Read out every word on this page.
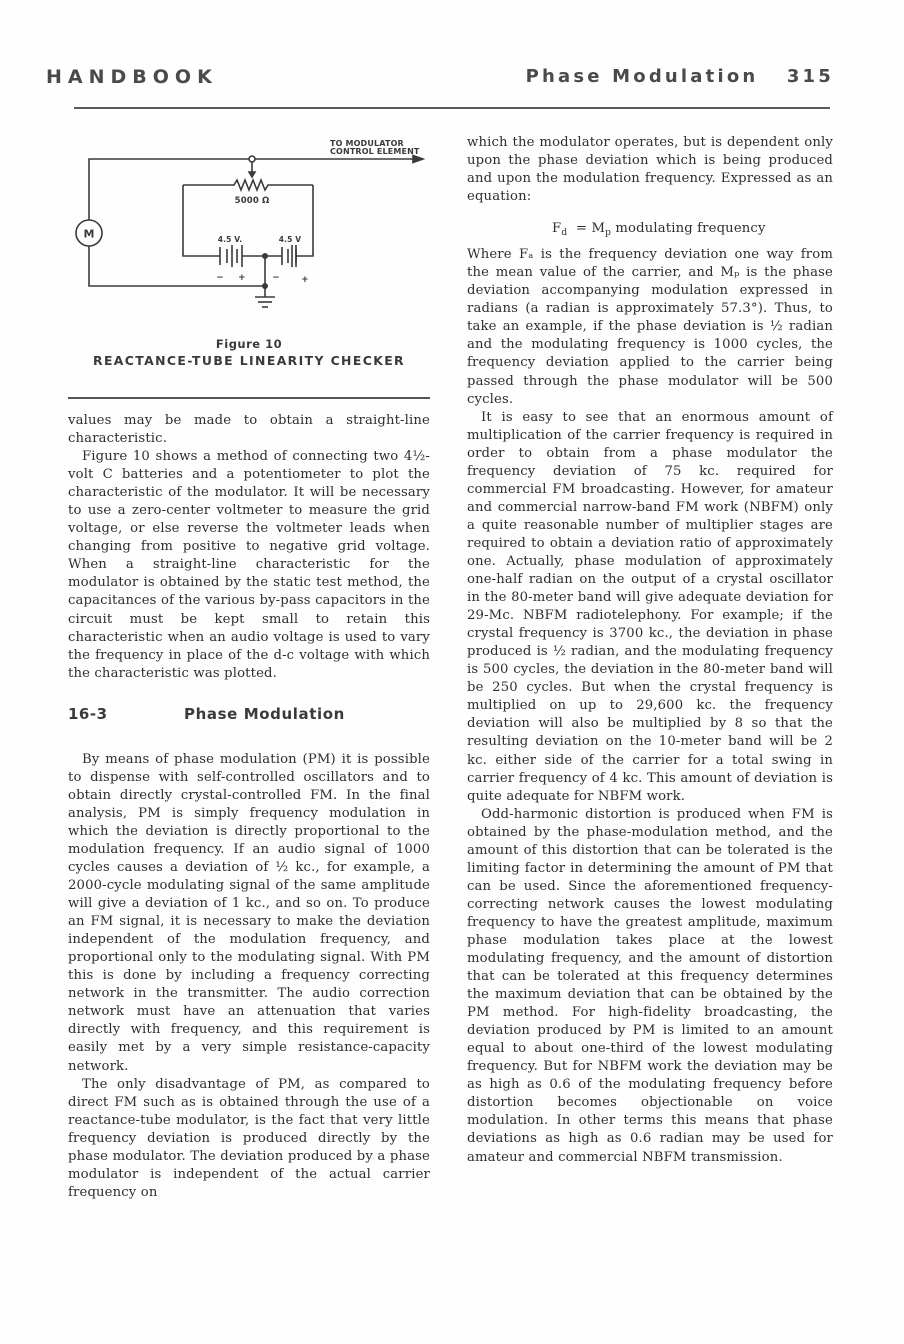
HANDBOOK	Phase Modulation 315
M
TO MODULATOR
CONTROL ELEMENT
5000 Ω
4.5 V.	4.5 V
− +	− +
Figure 10
REACTANCE-TUBE LINEARITY CHECKER

values may be made to obtain a straight-line characteristic.

Figure 10 shows a method of connecting two 4½-volt C batteries and a potentiometer to plot the characteristic of the modulator. It will be necessary to use a zero-center voltmeter to measure the grid voltage, or else reverse the voltmeter leads when changing from positive to negative grid voltage. When a straight-line characteristic for the modulator is obtained by the static test method, the capacitances of the various by-pass capacitors in the circuit must be kept small to retain this characteristic when an audio voltage is used to vary the frequency in place of the d-c voltage with which the characteristic was plotted.

16-3	Phase Modulation

By means of phase modulation (PM) it is possible to dispense with self-controlled oscillators and to obtain directly crystal-controlled FM. In the final analysis, PM is simply frequency modulation in which the deviation is directly proportional to the modulation frequency. If an audio signal of 1000 cycles causes a deviation of ½ kc., for example, a 2000-cycle modulating signal of the same amplitude will give a deviation of 1 kc., and so on. To produce an FM signal, it is necessary to make the deviation independent of the modulation frequency, and proportional only to the modulating signal. With PM this is done by including a frequency correcting network in the transmitter. The audio correction network must have an attenuation that varies directly with frequency, and this requirement is easily met by a very simple resistance-capacity network.

The only disadvantage of PM, as compared to direct FM such as is obtained through the use of a reactance-tube modulator, is the fact that very little frequency deviation is produced directly by the phase modulator. The deviation produced by a phase modulator is independent of the actual carrier frequency on

which the modulator operates, but is dependent only upon the phase deviation which is being produced and upon the modulation frequency. Expressed as an equation:

$F_d = M_p$ modulating frequency

Where Fₐ is the frequency deviation one way from the mean value of the carrier, and Mₚ is the phase deviation accompanying modulation expressed in radians (a radian is approximately 57.3°). Thus, to take an example, if the phase deviation is ½ radian and the modulating frequency is 1000 cycles, the frequency deviation applied to the carrier being passed through the phase modulator will be 500 cycles.

It is easy to see that an enormous amount of multiplication of the carrier frequency is required in order to obtain from a phase modulator the frequency deviation of 75 kc. required for commercial FM broadcasting. However, for amateur and commercial narrow-band FM work (NBFM) only a quite reasonable number of multiplier stages are required to obtain a deviation ratio of approximately one. Actually, phase modulation of approximately one-half radian on the output of a crystal oscillator in the 80-meter band will give adequate deviation for 29-Mc. NBFM radiotelephony. For example; if the crystal frequency is 3700 kc., the deviation in phase produced is ½ radian, and the modulating frequency is 500 cycles, the deviation in the 80-meter band will be 250 cycles. But when the crystal frequency is multiplied on up to 29,600 kc. the frequency deviation will also be multiplied by 8 so that the resulting deviation on the 10-meter band will be 2 kc. either side of the carrier for a total swing in carrier frequency of 4 kc. This amount of deviation is quite adequate for NBFM work.

Odd-harmonic distortion is produced when FM is obtained by the phase-modulation method, and the amount of this distortion that can be tolerated is the limiting factor in determining the amount of PM that can be used. Since the aforementioned frequency-correcting network causes the lowest modulating frequency to have the greatest amplitude, maximum phase modulation takes place at the lowest modulating frequency, and the amount of distortion that can be tolerated at this frequency determines the maximum deviation that can be obtained by the PM method. For high-fidelity broadcasting, the deviation produced by PM is limited to an amount equal to about one-third of the lowest modulating frequency. But for NBFM work the deviation may be as high as 0.6 of the modulating frequency before distortion becomes objectionable on voice modulation. In other terms this means that phase deviations as high as 0.6 radian may be used for amateur and commercial NBFM transmission.
